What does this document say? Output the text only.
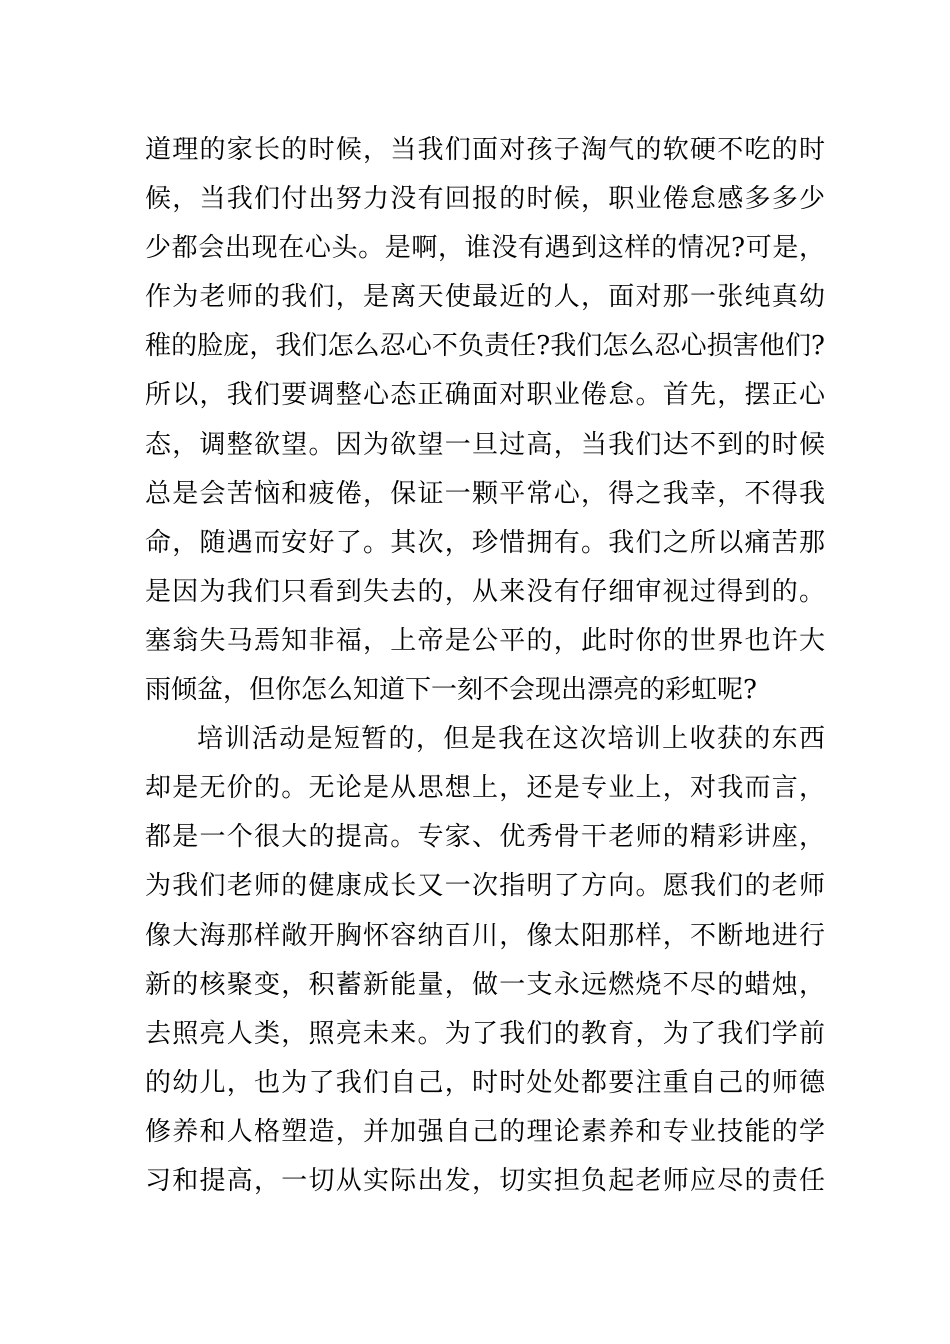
道理的家长的时候，当我们面对孩子淘气的软硬不吃的时
候，当我们付出努力没有回报的时候，职业倦怠感多多少
少都会出现在心头。是啊，谁没有遇到这样的情况?可是，
作为老师的我们，是离天使最近的人，面对那一张纯真幼
稚的脸庞，我们怎么忍心不负责任?我们怎么忍心损害他们?
所以，我们要调整心态正确面对职业倦怠。首先，摆正心
态，调整欲望。因为欲望一旦过高，当我们达不到的时候
总是会苦恼和疲倦，保证一颗平常心，得之我幸，不得我
命，随遇而安好了。其次，珍惜拥有。我们之所以痛苦那
是因为我们只看到失去的，从来没有仔细审视过得到的。
塞翁失马焉知非福，上帝是公平的，此时你的世界也许大
雨倾盆，但你怎么知道下一刻不会现出漂亮的彩虹呢?
培训活动是短暂的，但是我在这次培训上收获的东西
却是无价的。无论是从思想上，还是专业上，对我而言，
都是一个很大的提高。专家、优秀骨干老师的精彩讲座，
为我们老师的健康成长又一次指明了方向。愿我们的老师
像大海那样敞开胸怀容纳百川，像太阳那样，不断地进行
新的核聚变，积蓄新能量，做一支永远燃烧不尽的蜡烛，
去照亮人类，照亮未来。为了我们的教育，为了我们学前
的幼儿，也为了我们自己，时时处处都要注重自己的师德
修养和人格塑造，并加强自己的理论素养和专业技能的学
习和提高，一切从实际出发，切实担负起老师应尽的责任
